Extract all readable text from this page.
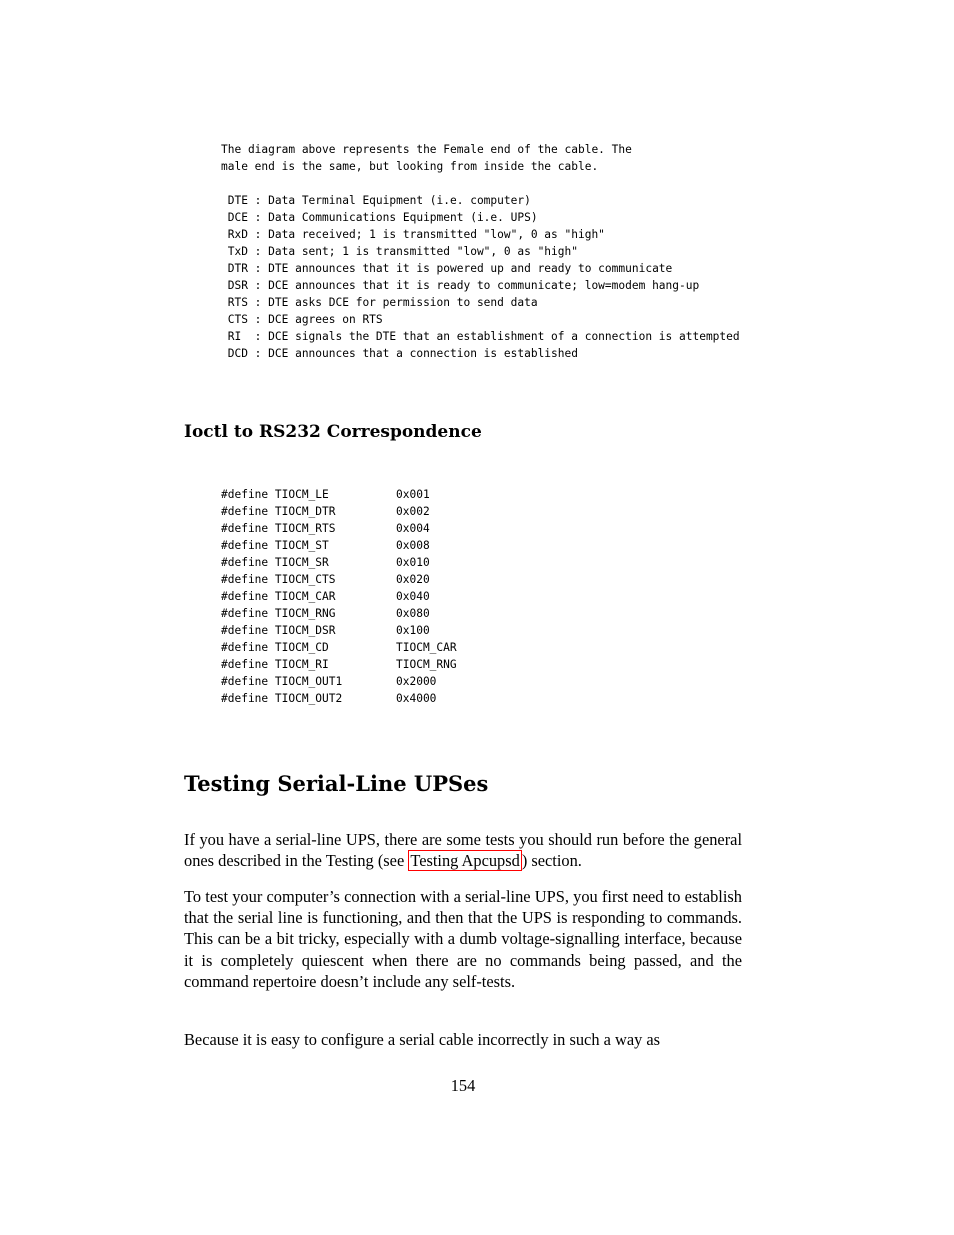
The diagram above represents the Female end of the cable. The
male end is the same, but looking from inside the cable.
DTE : Data Terminal Equipment (i.e. computer)
DCE : Data Communications Equipment (i.e. UPS)
RxD : Data received; 1 is transmitted "low", 0 as "high"
TxD : Data sent; 1 is transmitted "low", 0 as "high"
DTR : DTE announces that it is powered up and ready to communicate
DSR : DCE announces that it is ready to communicate; low=modem hang-up
RTS : DTE asks DCE for permission to send data
CTS : DCE agrees on RTS
RI  : DCE signals the DTE that an establishment of a connection is attempted
DCD : DCE announces that a connection is established
Ioctl to RS232 Correspondence
#define TIOCM_LE	0x001
#define TIOCM_DTR	0x002
#define TIOCM_RTS	0x004
#define TIOCM_ST	0x008
#define TIOCM_SR	0x010
#define TIOCM_CTS	0x020
#define TIOCM_CAR	0x040
#define TIOCM_RNG	0x080
#define TIOCM_DSR	0x100
#define TIOCM_CD	TIOCM_CAR
#define TIOCM_RI	TIOCM_RNG
#define TIOCM_OUT1	0x2000
#define TIOCM_OUT2	0x4000
Testing Serial-Line UPSes

If you have a serial-line UPS, there are some tests you should run before the general ones described in the Testing (see Testing Apcupsd ) section.

To test your computer’s connection with a serial-line UPS, you first need to establish that the serial line is functioning, and then that the UPS is responding to commands. This can be a bit tricky, especially with a dumb voltage-signalling interface, because it is completely quiescent when there are no commands being passed, and the command repertoire doesn’t include any self-tests.

Because it is easy to configure a serial cable incorrectly in such a way as

154
